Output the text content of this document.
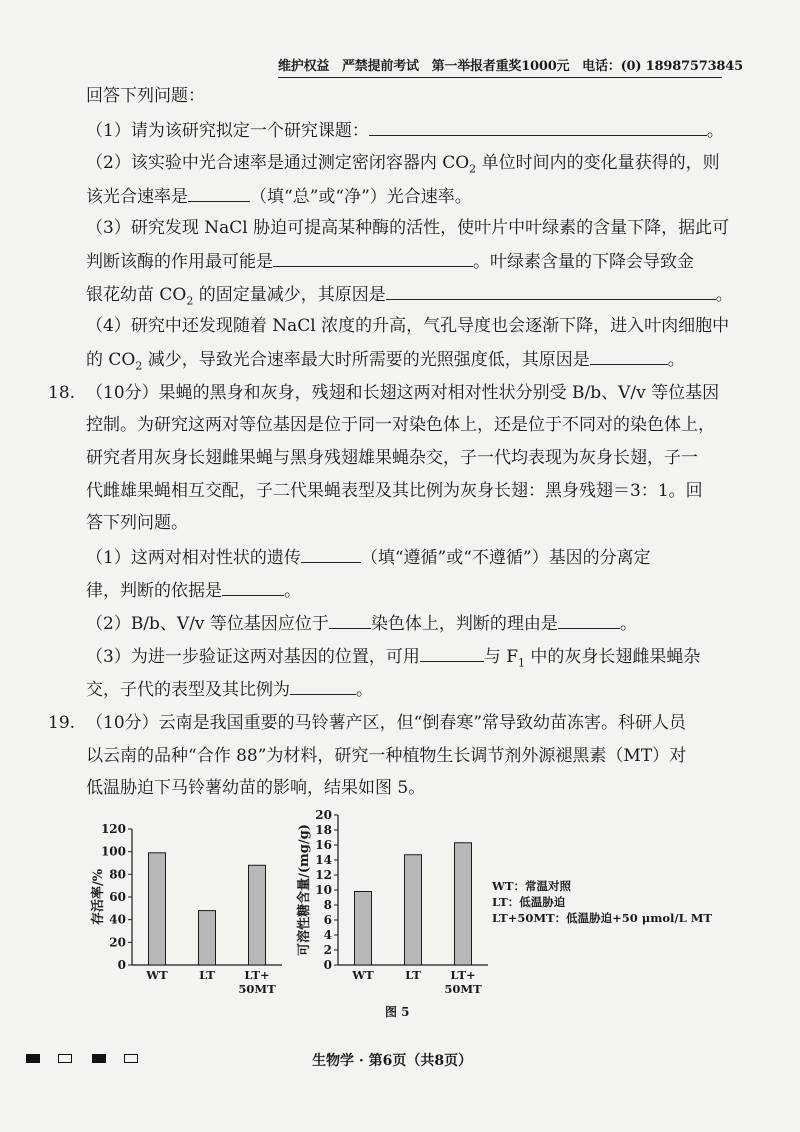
维护权益　严禁提前考试　第一举报者重奖1000元　电话：(0) 18987573845
回答下列问题：
（1）请为该研究拟定一个研究课题：	。
（2）该实验中光合速率是通过测定密闭容器内 $CO_2$ 单位时间内的变化量获得的，则
该光合速率是	（填“总”或“净”）光合速率。
（3）研究发现 NaCl 胁迫可提高某种酶的活性，使叶片中叶绿素的含量下降，据此可
判断该酶的作用最可能是	。叶绿素含量的下降会导致金
银花幼苗 $CO_2$ 的固定量减少，其原因是	。
（4）研究中还发现随着 NaCl 浓度的升高，气孔导度也会逐渐下降，进入叶肉细胞中
的 $CO_2$ 减少，导致光合速率最大时所需要的光照强度低，其原因是	。
18. （10分）果蝇的黑身和灰身，残翅和长翅这两对相对性状分别受 B/b、V/v 等位基因
控制。为研究这两对等位基因是位于同一对染色体上，还是位于不同对的染色体上，
研究者用灰身长翅雌果蝇与黑身残翅雄果蝇杂交，子一代均表现为灰身长翅，子一
代雌雄果蝇相互交配，子二代果蝇表型及其比例为灰身长翅：黑身残翅＝3：1。回
答下列问题。
（1）这两对相对性状的遗传	（填“遵循”或“不遵循”）基因的分离定
律，判断的依据是	。
（2）B/b、V/v 等位基因应位于 染色体上，判断的理由是	。
（3）为进一步验证这两对基因的位置，可用	与 $F_1$ 中的灰身长翅雌果蝇杂
交，子代的表型及其比例为	。
19. （10分）云南是我国重要的马铃薯产区，但“倒春寒”常导致幼苗冻害。科研人员
以云南的品种“合作 88”为材料，研究一种植物生长调节剂外源褪黑素（MT）对
低温胁迫下马铃薯幼苗的影响，结果如图 5。
0
20
40
60
80
100
120
WT	LT	LT+
50MT
存活率/%
0
2
4
6
8
10
12
14
16
18
20
WT	LT	LT+
50MT
可溶性糖含量/(mg/g)	WT：常温对照
LT：低温胁迫
LT+50MT：低温胁迫+50 μmol/L MT
图 5
生物学 · 第6页（共8页）
